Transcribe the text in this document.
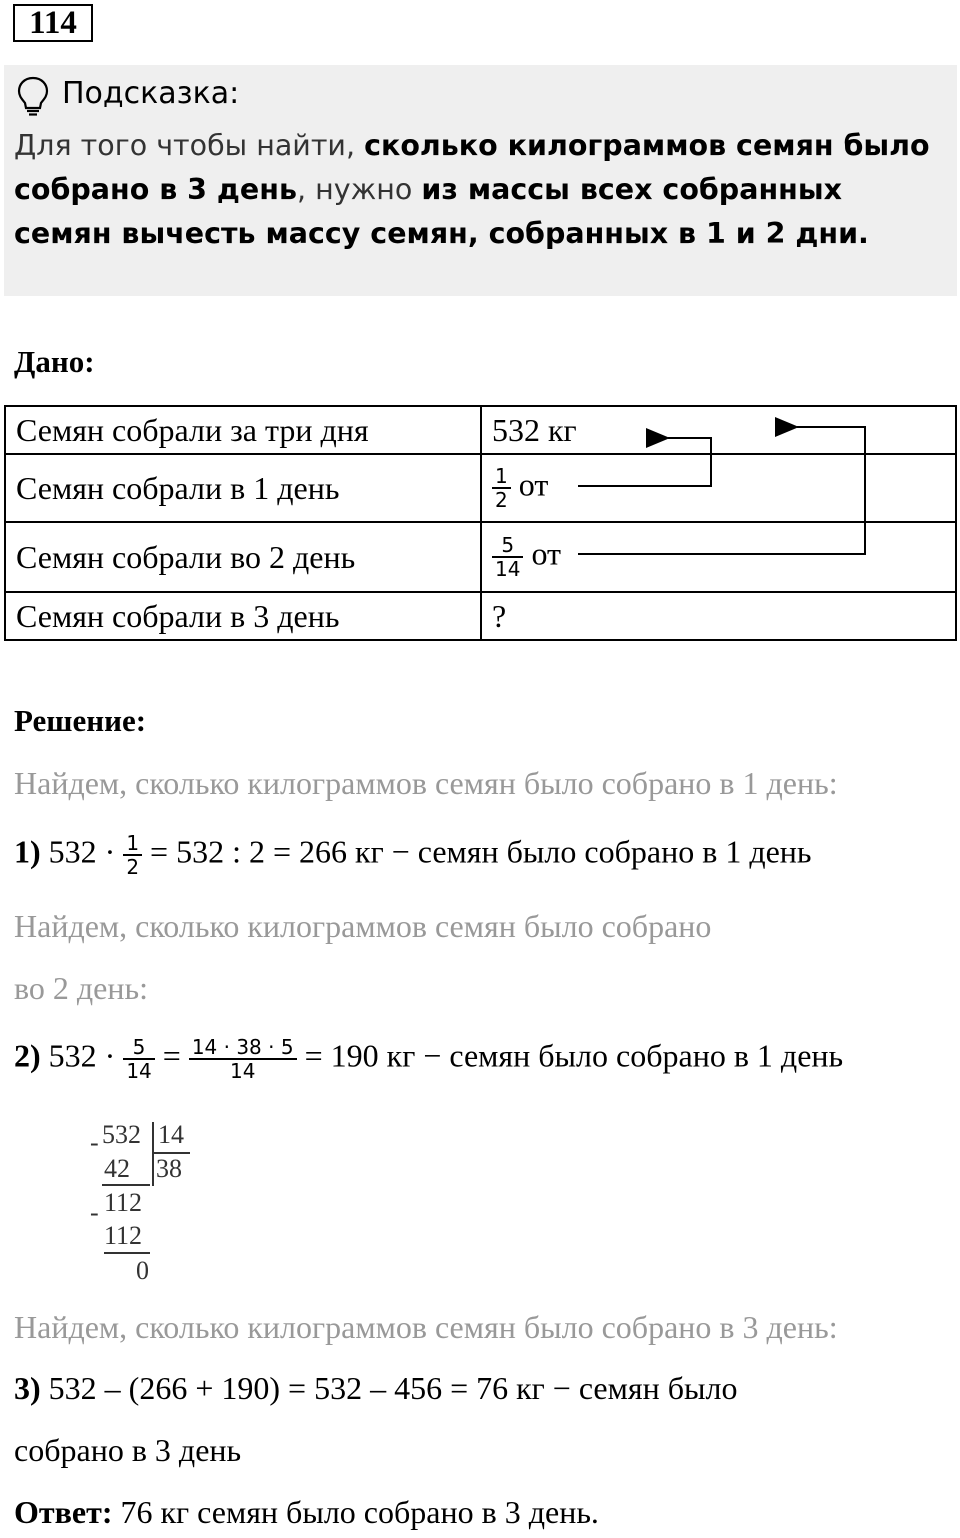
114
Подсказка:
Для того чтобы найти, сколько килограммов семян было собрано в 3 день, нужно из массы всех собранных семян вычесть массу семян, собранных в 1 и 2 дни.
Дано:
Семян собрали за три дня	532 кг
Семян собрали в 1 день	$\frac{1}{2}$ от
Семян собрали во 2 день	$\frac{5}{14}$ от
Семян собрали в 3 день	?
Решение:
Найдем, сколько килограммов семян было собрано в 1 день:
1) $532 \cdot \frac{1}{2} = 532$ : 2 = 266 кг − семян было собрано в 1 день
Найдем, сколько килограммов семян было собрано
во 2 день:
2) $532 \cdot \frac{5}{14} = \frac{14 \cdot 38 \cdot 5}{14} = 190$ кг − семян было собрано в 1 день
532
- 14
38
42
112
-
112
0
Найдем, сколько килограммов семян было собрано в 3 день:
3) 532 – (266 + 190) = 532 – 456 = 76 кг − семян было
собрано в 3 день
Ответ: 76 кг семян было собрано в 3 день.
